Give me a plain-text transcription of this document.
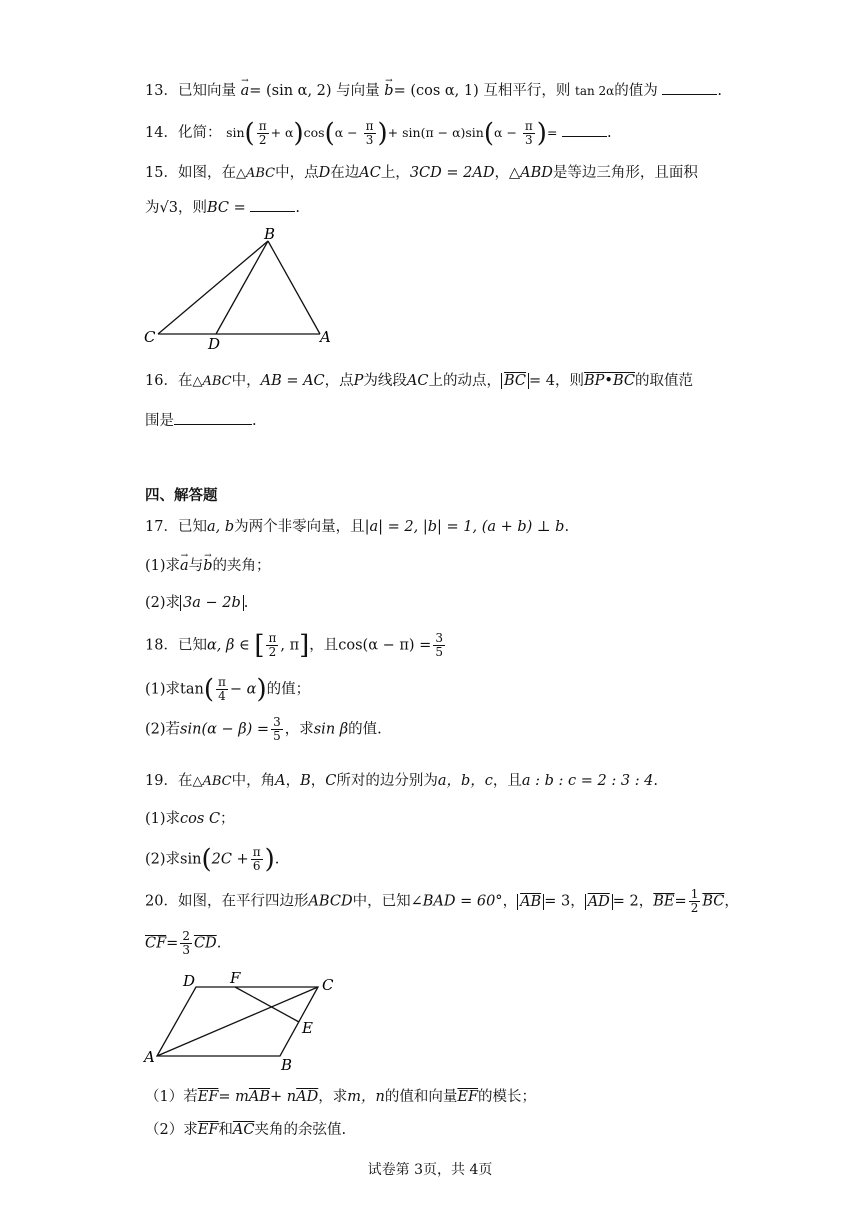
13．已知向量 → a= (sin α, 2) 与向量 → b= (cos α, 1) 互相平行，则 tan 2α的值为	.
14．化简： $\sin( \frac{\pi}{2} + \alpha)\cos(\alpha - \frac{\pi}{3}$ )+ $\sin(\pi - \alpha)\sin(\alpha - \frac{\pi}{3}$ )=	.
15．如图，在△ABC中，点D在边AC上，3CD = 2AD，△ABD是等边三角形，且面积
为√3，则BC =	.
B
C	D	A
16．在△ABC中，AB = AC，点P为线段AC上的动点， $\overline{BC} = 4$，则BP•BC的取值范
围是	.
四、解答题
17．已知a, b为两个非零向量，且|a| = 2, |b| = 1, (a + b) ⊥ b.
(1)求→ a与→ b的夹角；
(2)求 3a − 2b .
18．已知α, β ∈ [ $\frac{\pi}{2}$ , π]，且$\cos(\alpha - \pi) = \frac{3}{5}$
(1)求$\tan( \frac{\pi}{4} - \alpha)$的值；
(2)若$\sin(\alpha - \beta) = \frac{3}{5}$ ，求sin β的值.
19．在△ABC中，角A，B，C所对的边分别为a，b，c，且a : b : c = 2 : 3 : 4.
(1)求cos C；
(2)求$\sin(2C + \frac{\pi}{6}$ ).
20．如图，在平行四边形ABCD中，已知∠BAD = 60°， $\overline{AB} = 3$， $\overline{AD} = 2$，$\overline{BE}= \frac{1}{2} \overline{BC}$，
$\overline{CF}= \frac{2}{3} \overline{CD}$.
D F	C
E
A	B
（1）若$\overline{EF}= m\overline{AB}+ n\overline{AD}$，求m，n的值和向量$\overline{EF}$的模长；
（2）求$\overline{EF}$和$\overline{AC}$夹角的余弦值.
试卷第 3页，共 4页
